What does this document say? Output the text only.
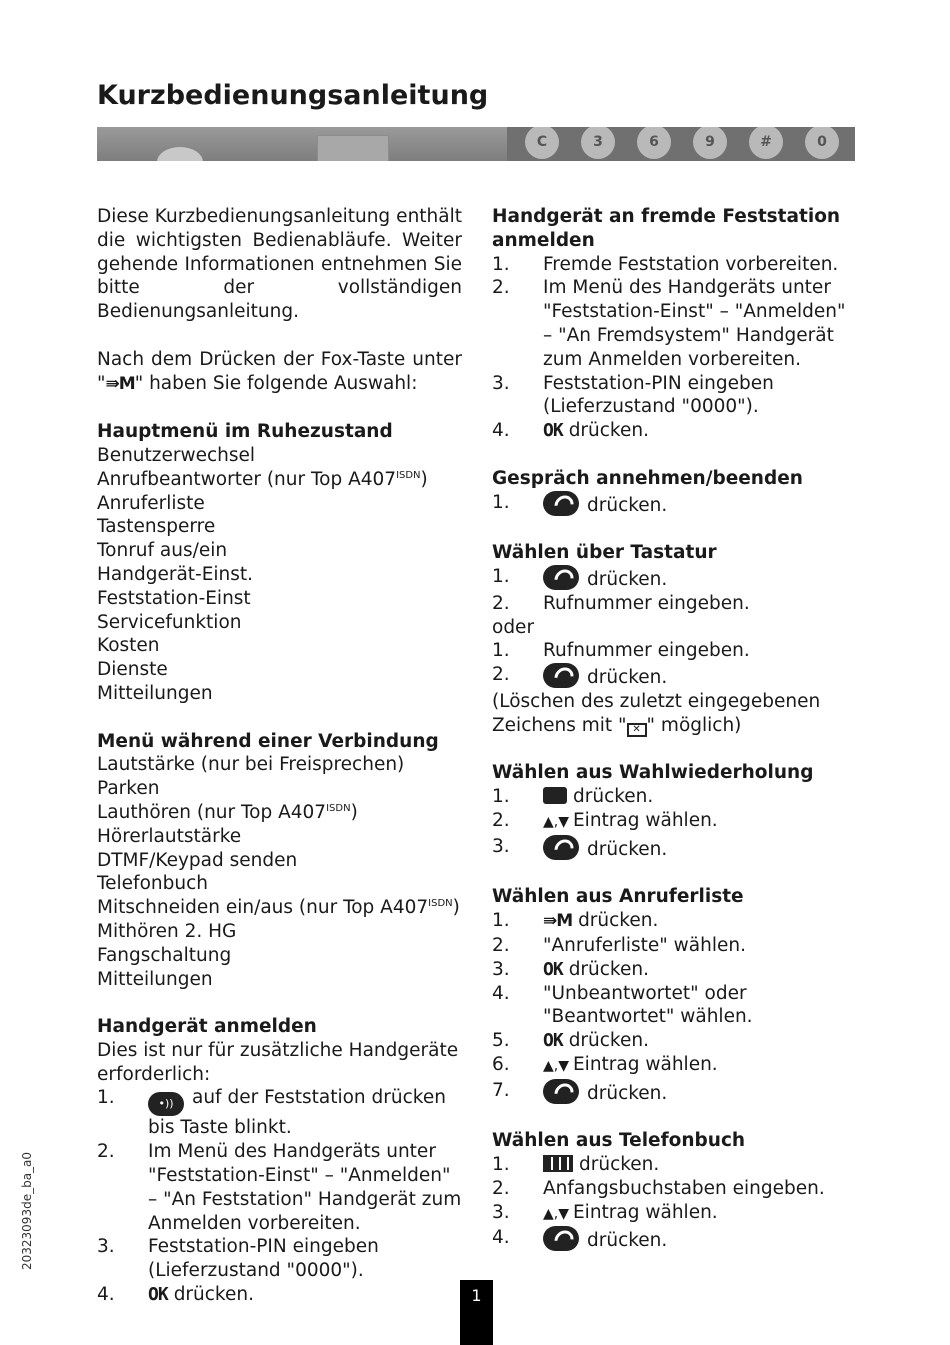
Kurzbedienungsanleitung
C	3	6	9	#	0

Diese Kurzbedienungsanleitung enthält die wichtigsten Bedienabläufe. Weiter gehende Informationen entnehmen Sie bitte der vollständigen Bedienungsanleitung.

Nach dem Drücken der Fox-Taste unter "⇛M" haben Sie folgende Auswahl:

Hauptmenü im Ruhezustand

Benutzerwechsel

Anrufbeantworter (nur Top $A407^{ISDN}$)

Anruferliste

Tastensperre

Tonruf aus/ein

Handgerät-Einst.

Feststation-Einst

Servicefunktion

Kosten

Dienste

Mitteilungen

Menü während einer Verbindung

Lautstärke (nur bei Freisprechen)

Parken

Lauthören (nur Top $A407^{ISDN}$)

Hörerlautstärke

DTMF/Keypad senden

Telefonbuch

Mitschneiden ein/aus (nur Top $A407^{ISDN}$)

Mithören 2. HG

Fangschaltung

Mitteilungen

Handgerät anmelden

Dies ist nur für zusätzliche Handgeräte erforderlich:

1.	•)) auf der Feststation drücken bis Taste blinkt.
2.	Im Menü des Handgeräts unter "Feststation-Einst" – "Anmelden" – "An Feststation" Handgerät zum Anmelden vorbereiten.
3.	Feststation-PIN eingeben (Lieferzustand "0000").
4.	OK drücken.

Handgerät an fremde Feststation anmelden

1.	Fremde Feststation vorbereiten.
2.	Im Menü des Handgeräts unter "Feststation-Einst" – "Anmelden" – "An Fremdsystem" Handgerät zum Anmelden vorbereiten.
3.	Feststation-PIN eingeben (Lieferzustand "0000").
4.	OK drücken.

Gespräch annehmen/beenden

1.	drücken.

Wählen über Tastatur

1.	drücken.
2.	Rufnummer eingeben.

oder

1.	Rufnummer eingeben.
2.	drücken.

(Löschen des zuletzt eingegebenen

Zeichens mit " ✕ " möglich)

Wählen aus Wahlwiederholung

1.	drücken.
2.	▲,▼ Eintrag wählen.
3.	drücken.

Wählen aus Anruferliste

1.	⇛M drücken.
2.	"Anruferliste" wählen.
3.	OK drücken.
4.	"Unbeantwortet" oder "Beantwortet" wählen.
5.	OK drücken.
6.	▲,▼ Eintrag wählen.
7.	drücken.

Wählen aus Telefonbuch

1.	drücken.
2.	Anfangsbuchstaben eingeben.
3.	▲,▼ Eintrag wählen.
4.	drücken.
20323093de_ba_a0
1
